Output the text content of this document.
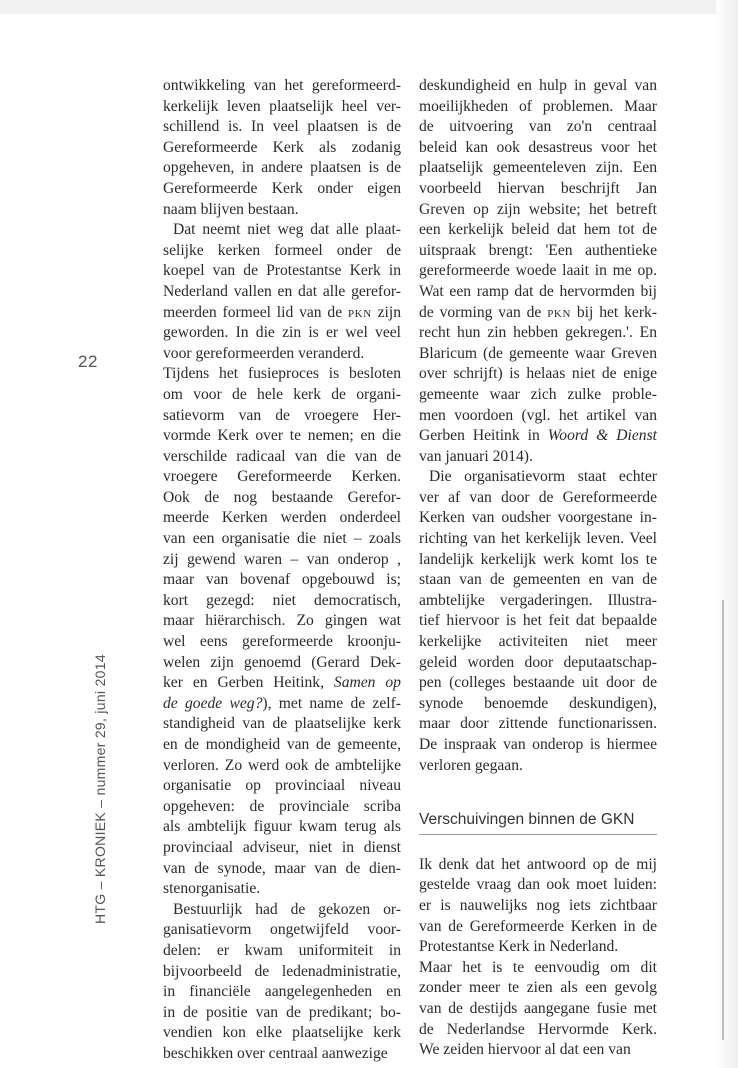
22
HTG – KRONIEK – nummer 29, juni 2014
ontwikkeling van het gereformeerd-
kerkelijk leven plaatselijk heel ver-
schillend is. In veel plaatsen is de
Gereformeerde Kerk als zodanig
opgeheven, in andere plaatsen is de
Gereformeerde Kerk onder eigen
naam blijven bestaan.
Dat neemt niet weg dat alle plaat-
selijke kerken formeel onder de
koepel van de Protestantse Kerk in
Nederland vallen en dat alle gerefor-
meerden formeel lid van de PKN zijn
geworden. In die zin is er wel veel
voor gereformeerden veranderd.
Tijdens het fusieproces is besloten
om voor de hele kerk de organi-
satievorm van de vroegere Her-
vormde Kerk over te nemen; en die
verschilde radicaal van die van de
vroegere Gereformeerde Kerken.
Ook de nog bestaande Gerefor-
meerde Kerken werden onderdeel
van een organisatie die niet – zoals
zij gewend waren – van onderop ,
maar van bovenaf opgebouwd is;
kort gezegd: niet democratisch,
maar hiërarchisch. Zo gingen wat
wel eens gereformeerde kroonju-
welen zijn genoemd (Gerard Dek-
ker en Gerben Heitink, Samen op
de goede weg?), met name de zelf-
standigheid van de plaatselijke kerk
en de mondigheid van de gemeente,
verloren. Zo werd ook de ambtelijke
organisatie op provinciaal niveau
opgeheven: de provinciale scriba
als ambtelijk figuur kwam terug als
provinciaal adviseur, niet in dienst
van de synode, maar van de dien-
stenorganisatie.
Bestuurlijk had de gekozen or-
ganisatievorm ongetwijfeld voor-
delen: er kwam uniformiteit in
bijvoorbeeld de ledenadministratie,
in financiële aangelegenheden en
in de positie van de predikant; bo-
vendien kon elke plaatselijke kerk
beschikken over centraal aanwezige
deskundigheid en hulp in geval van
moeilijkheden of problemen. Maar
de uitvoering van zo'n centraal
beleid kan ook desastreus voor het
plaatselijk gemeenteleven zijn. Een
voorbeeld hiervan beschrijft Jan
Greven op zijn website; het betreft
een kerkelijk beleid dat hem tot de
uitspraak brengt: 'Een authentieke
gereformeerde woede laait in me op.
Wat een ramp dat de hervormden bij
de vorming van de PKN bij het kerk-
recht hun zin hebben gekregen.'. En
Blaricum (de gemeente waar Greven
over schrijft) is helaas niet de enige
gemeente waar zich zulke proble-
men voordoen (vgl. het artikel van
Gerben Heitink in Woord & Dienst
van januari 2014).
Die organisatievorm staat echter
ver af van door de Gereformeerde
Kerken van oudsher voorgestane in-
richting van het kerkelijk leven. Veel
landelijk kerkelijk werk komt los te
staan van de gemeenten en van de
ambtelijke vergaderingen. Illustra-
tief hiervoor is het feit dat bepaalde
kerkelijke activiteiten niet meer
geleid worden door deputaatschap-
pen (colleges bestaande uit door de
synode benoemde deskundigen),
maar door zittende functionarissen.
De inspraak van onderop is hiermee
verloren gegaan.
Verschuivingen binnen de GKN
Ik denk dat het antwoord op de mij
gestelde vraag dan ook moet luiden:
er is nauwelijks nog iets zichtbaar
van de Gereformeerde Kerken in de
Protestantse Kerk in Nederland.
Maar het is te eenvoudig om dit
zonder meer te zien als een gevolg
van de destijds aangegane fusie met
de Nederlandse Hervormde Kerk.
We zeiden hiervoor al dat een van
